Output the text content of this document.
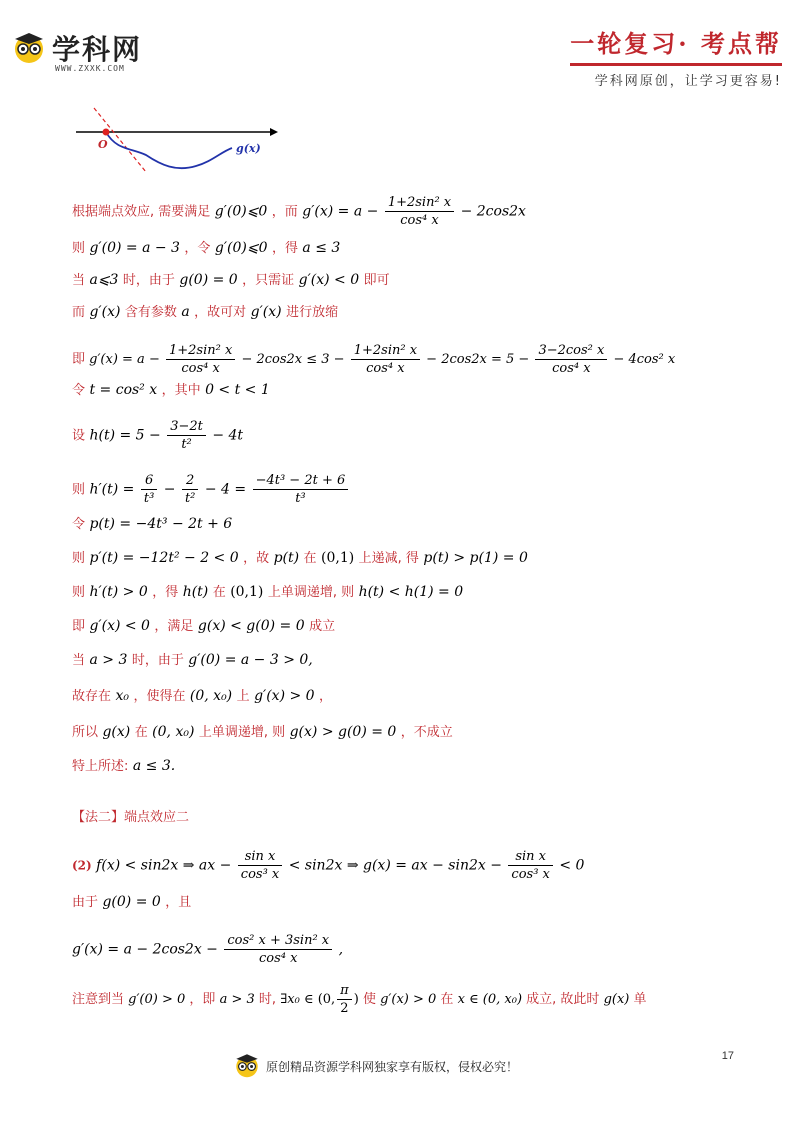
学科网
WWW.ZXXK.COM
一轮复习· 考点帮
学科网原创，让学习更容易!
O	g(x)
根据端点效应, 需要满足 g′(0)⩽0 ，而 $g'(x) = a - \frac{\text{1+2sin² x}}{\text{cos⁴ x}} - 2\cos 2x$
则 g′(0) = a − 3 ，令 g′(0)⩽0 ，得 a ≤ 3
当 a⩽3 时，由于 g(0) = 0 ，只需证 g′(x) < 0 即可
而 g′(x) 含有参数 a ，故可对 g′(x) 进行放缩
即 $g'(x) = a - \frac{\text{1+2sin² x}}{\text{cos⁴ x}} - 2\cos 2x \le 3 - \frac{\text{1+2sin² x}}{\text{cos⁴ x}} - 2\cos 2x = 5 - \frac{\text{3−2cos² x}}{\text{cos⁴ x}} - 4\cos^2$ x
令 t = cos² x ，其中 0 < t < 1
设 $h(t) = 5 - \frac{3-2t}{\text{t²}} - 4t$
则 $h'(t) = \frac{6}{\text{t³}} - \frac{2}{\text{t²}} - 4 = \frac{\text{−4t³ − 2t + 6}}{\text{t³}}$
令 p(t) = −4t³ − 2t + 6
则 p′(t) = −12t² − 2 < 0 ，故 p(t) 在 (0,1) 上递减, 得 p(t) > p(1) = 0
则 h′(t) > 0 ，得 h(t) 在 (0,1) 上单调递增, 则 h(t) < h(1) = 0
即 g′(x) < 0 ，满足 g(x) < g(0) = 0 成立
当 a > 3 时，由于 g′(0) = a − 3 > 0,
故存在 x₀ ，使得在 (0, x₀) 上 g′(x) > 0 ，
所以 g(x) 在 (0, x₀) 上单调递增, 则 g(x) > g(0) = 0 ，不成立
特上所述: a ≤ 3.
【法二】端点效应二
(2) f(x) < sin2x ⇒ ax − $\frac{\text{sin x}}{\text{cos³ x}} < \sin 2x$ ⇒ g(x) = ax − $\sin 2x - \frac{\text{sin x}}{\text{cos³ x}} < 0$
由于 g(0) = 0 ，且
$g'(x) = a - 2\cos 2x - \frac{\text{cos² x + 3sin² x}}{\text{cos⁴ x}}$ ,
注意到当 g′(0) > 0 ，即 a > 3 时, ∃x₀ ∈ (0, $\frac{\pi}{2}$ ) 使 g′(x) > 0 在 x ∈ (0, x₀) 成立, 故此时 g(x) 单
17
原创精品资源学科网独家享有版权，侵权必究！
